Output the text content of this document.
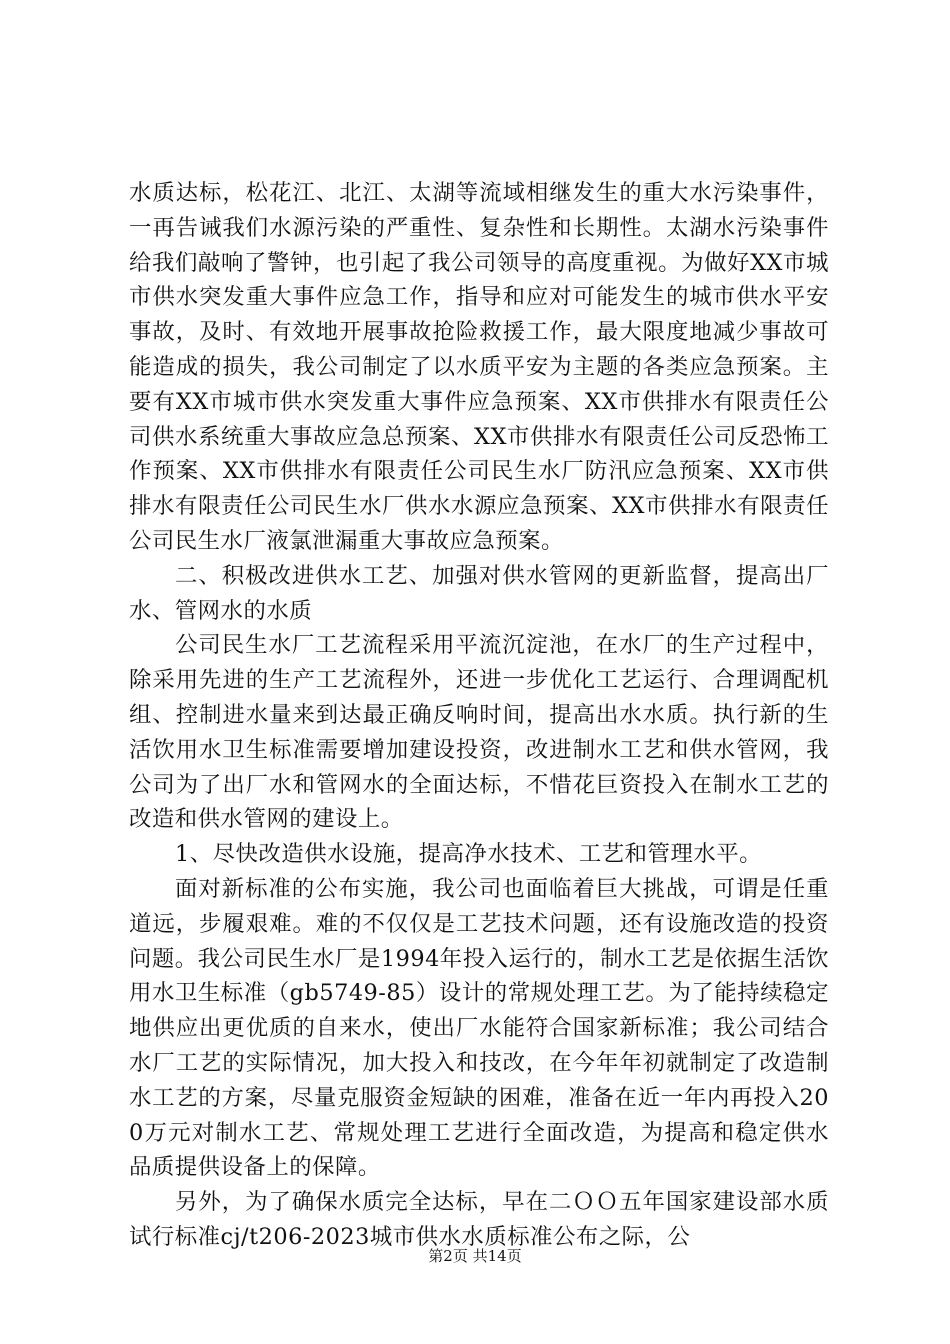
水质达标，松花江、北江、太湖等流域相继发生的重大水污染事件，一再告诫我们水源污染的严重性、复杂性和长期性。太湖水污染事件给我们敲响了警钟，也引起了我公司领导的高度重视。为做好XX市城市供水突发重大事件应急工作，指导和应对可能发生的城市供水平安事故，及时、有效地开展事故抢险救援工作，最大限度地减少事故可能造成的损失，我公司制定了以水质平安为主题的各类应急预案。主要有XX市城市供水突发重大事件应急预案、XX市供排水有限责任公司供水系统重大事故应急总预案、XX市供排水有限责任公司反恐怖工作预案、XX市供排水有限责任公司民生水厂防汛应急预案、XX市供排水有限责任公司民生水厂供水水源应急预案、XX市供排水有限责任公司民生水厂液氯泄漏重大事故应急预案。

二、积极改进供水工艺、加强对供水管网的更新监督，提高出厂水、管网水的水质

公司民生水厂工艺流程采用平流沉淀池，在水厂的生产过程中，除采用先进的生产工艺流程外，还进一步优化工艺运行、合理调配机组、控制进水量来到达最正确反响时间，提高出水水质。执行新的生活饮用水卫生标准需要增加建设投资，改进制水工艺和供水管网，我公司为了出厂水和管网水的全面达标，不惜花巨资投入在制水工艺的改造和供水管网的建设上。

1、尽快改造供水设施，提高净水技术、工艺和管理水平。

面对新标准的公布实施，我公司也面临着巨大挑战，可谓是任重道远，步履艰难。难的不仅仅是工艺技术问题，还有设施改造的投资问题。我公司民生水厂是1994年投入运行的，制水工艺是依据生活饮用水卫生标准（gb5749-85）设计的常规处理工艺。为了能持续稳定地供应出更优质的自来水，使出厂水能符合国家新标准；我公司结合水厂工艺的实际情况，加大投入和技改，在今年年初就制定了改造制水工艺的方案，尽量克服资金短缺的困难，准备在近一年内再投入200万元对制水工艺、常规处理工艺进行全面改造，为提高和稳定供水品质提供设备上的保障。

另外，为了确保水质完全达标，早在二ＯＯ五年国家建设部水质试行标准cj/t206-2023城市供水水质标准公布之际，公

第2页 共14页
